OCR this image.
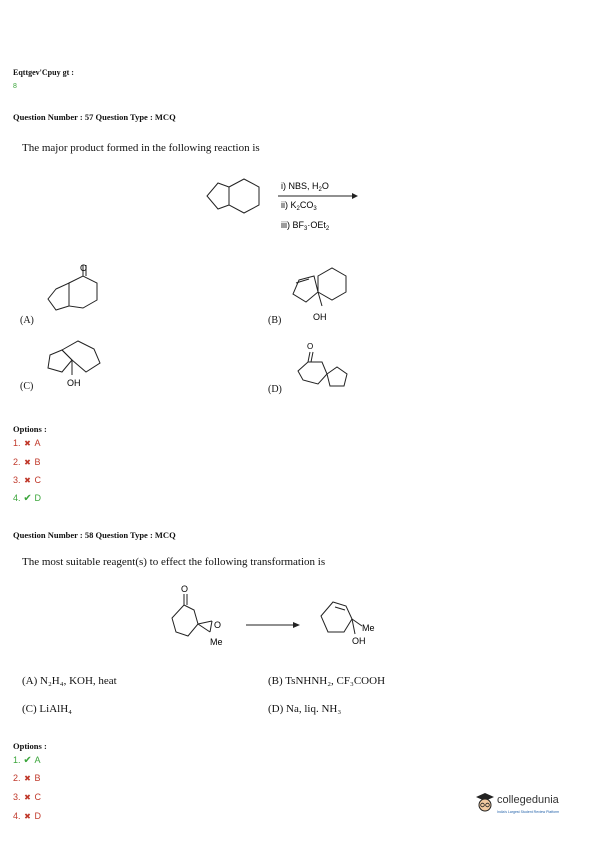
Eqttgev'Cpuy gt :
8
Question Number : 57 Question Type : MCQ
The major product formed in the following reaction is
i) NBS, $H_2O$
ii) $K_2CO_3$
iii) $BF_3\cdot OEt_2$
O
OH
OH
O
O
O
Me
Me
OH
(A)	(B)
(C)	(D)
Options :
1. ✖ A
2. ✖ B
3. ✖ C
4. ✔ D
Question Number : 58 Question Type : MCQ
The most suitable reagent(s) to effect the following transformation is
(A) N₂H₄, KOH, heat	(B) TsNHNH₂, CF₃COOH
(C) LiAlH₄	(D) Na, liq. NH₃
Options :
1. ✔ A
2. ✖ B
3. ✖ C
4. ✖ D
collegedunia
India's Largest Student Review Platform
